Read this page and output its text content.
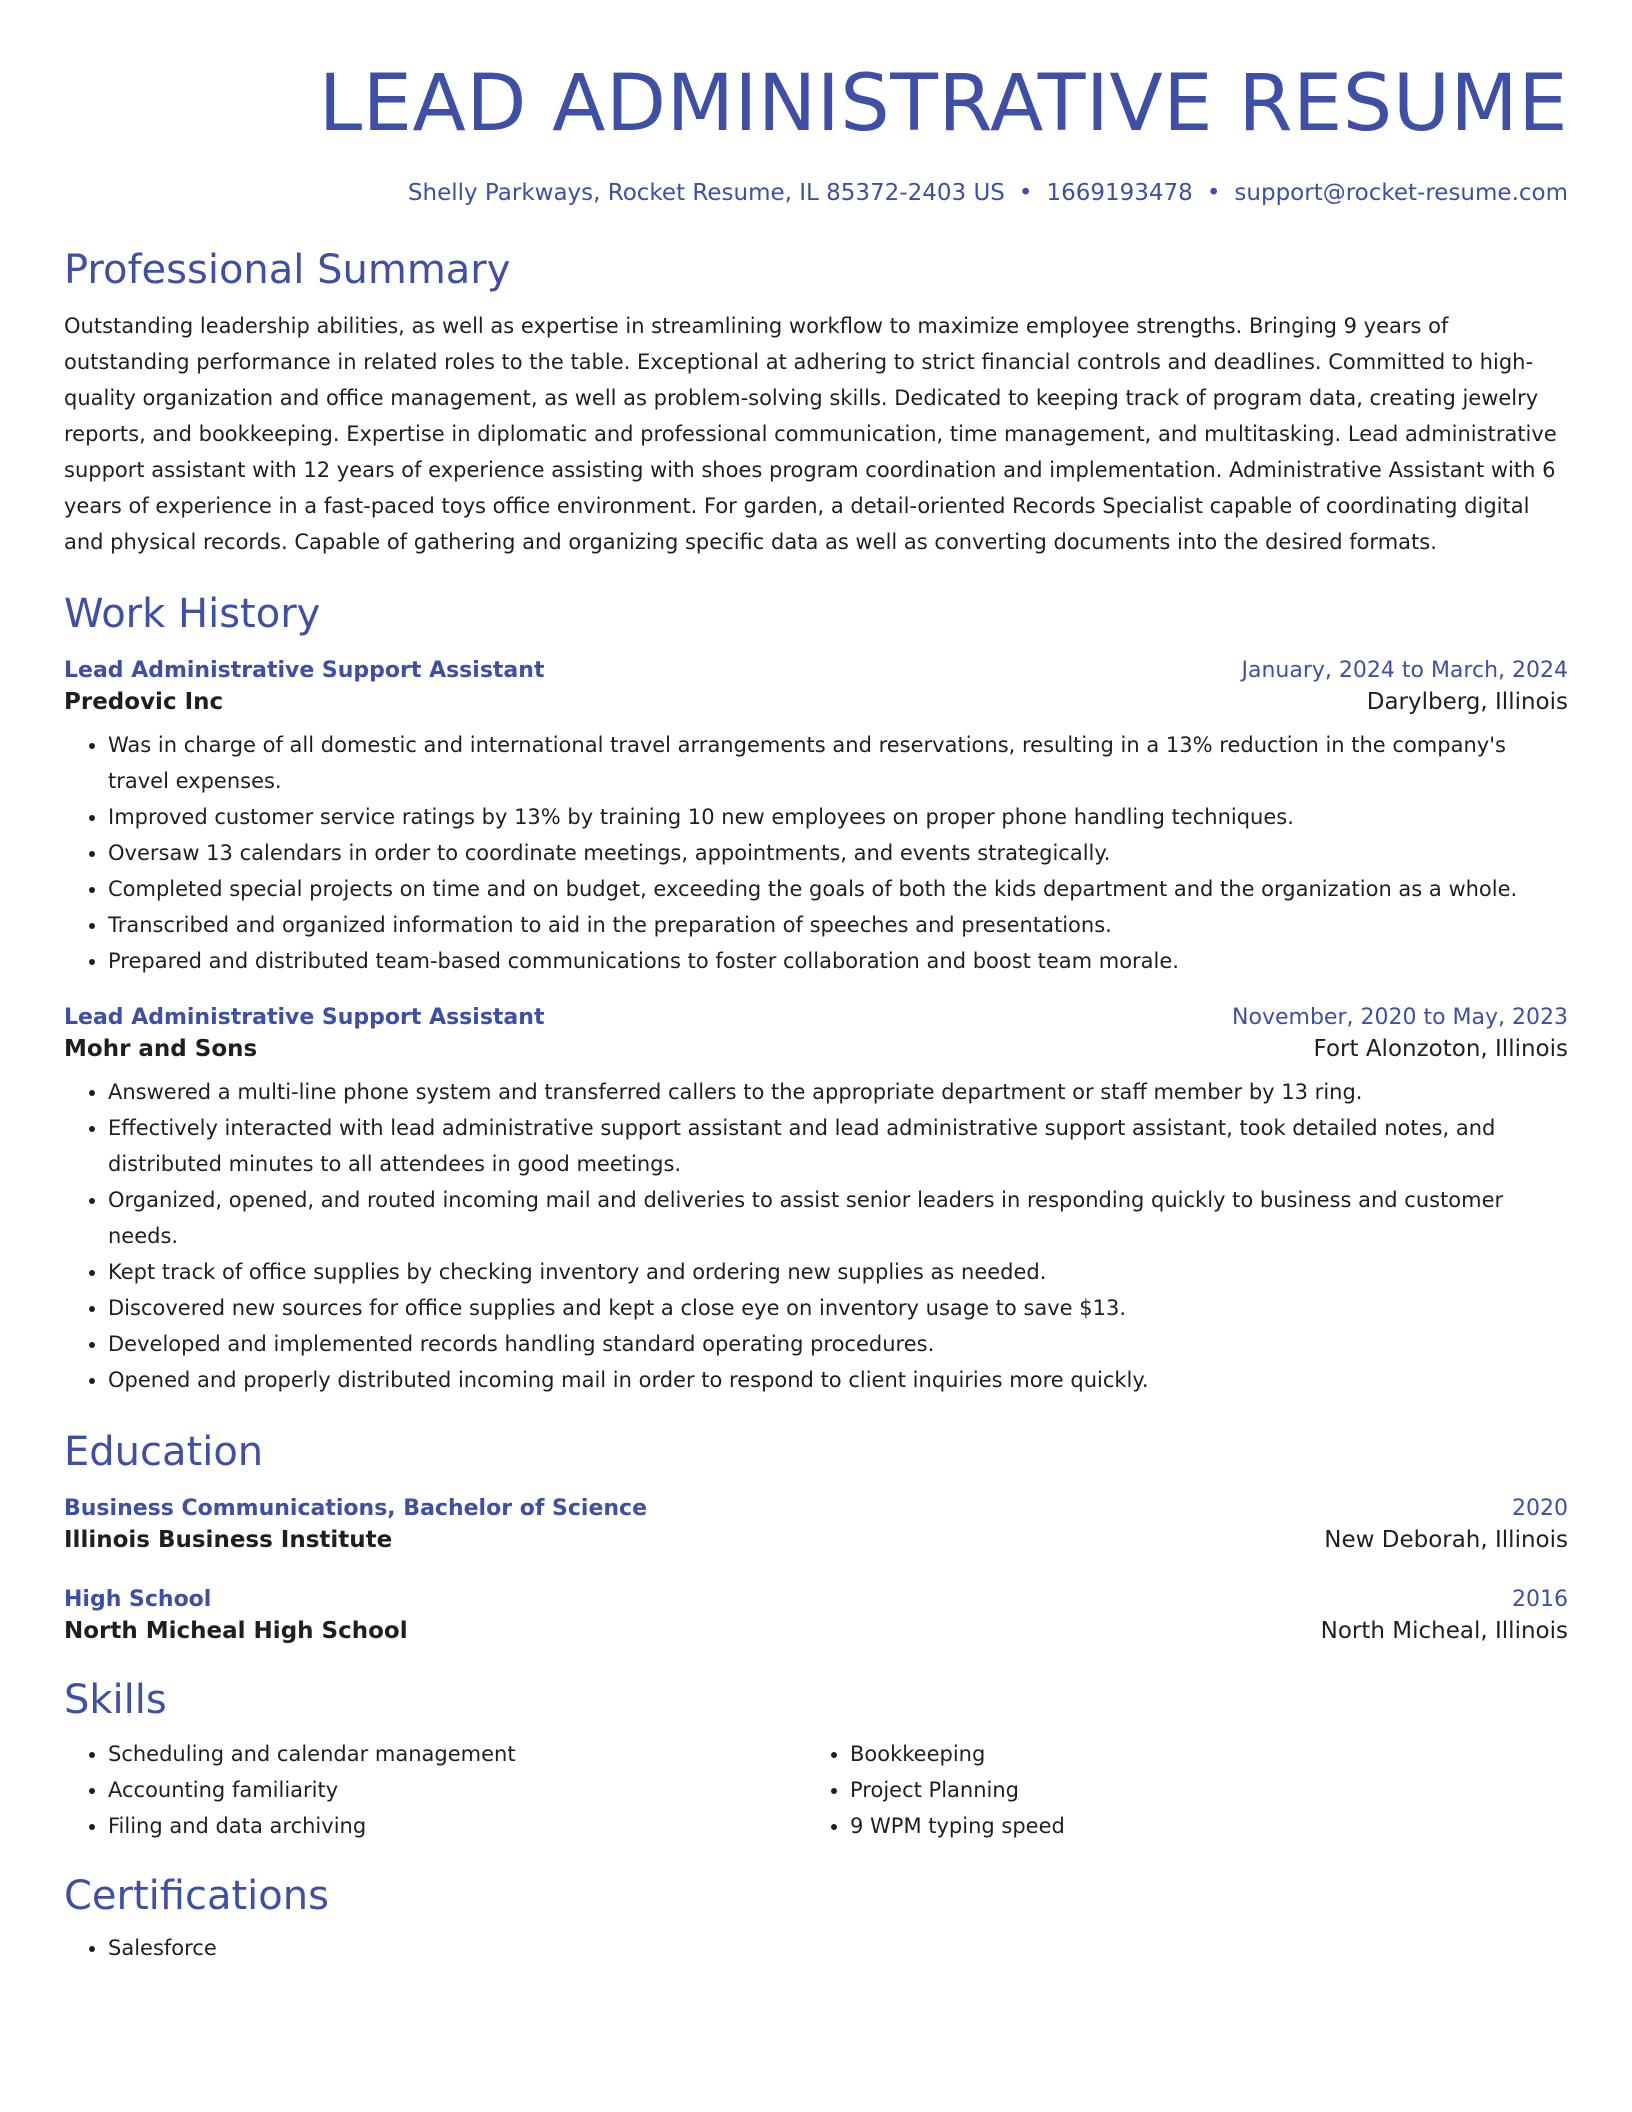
LEAD ADMINISTRATIVE RESUME
Shelly Parkways, Rocket Resume, IL 85372-2403 US • 1669193478 • support@rocket-resume.com
Professional Summary

Outstanding leadership abilities, as well as expertise in streamlining workflow to maximize employee strengths. Bringing 9 years of outstanding performance in related roles to the table. Exceptional at adhering to strict financial controls and deadlines. Committed to high-quality organization and office management, as well as problem-solving skills. Dedicated to keeping track of program data, creating jewelry reports, and bookkeeping. Expertise in diplomatic and professional communication, time management, and multitasking. Lead administrative support assistant with 12 years of experience assisting with shoes program coordination and implementation. Administrative Assistant with 6 years of experience in a fast-paced toys office environment. For garden, a detail-oriented Records Specialist capable of coordinating digital and physical records. Capable of gathering and organizing specific data as well as converting documents into the desired formats.

Work History
Lead Administrative Support Assistant	January, 2024 to March, 2024
Predovic Inc	Darylberg, Illinois
• Was in charge of all domestic and international travel arrangements and reservations, resulting in a 13% reduction in the company's travel expenses.
• Improved customer service ratings by 13% by training 10 new employees on proper phone handling techniques.
• Oversaw 13 calendars in order to coordinate meetings, appointments, and events strategically.
• Completed special projects on time and on budget, exceeding the goals of both the kids department and the organization as a whole.
• Transcribed and organized information to aid in the preparation of speeches and presentations.
• Prepared and distributed team-based communications to foster collaboration and boost team morale.
Lead Administrative Support Assistant	November, 2020 to May, 2023
Mohr and Sons	Fort Alonzoton, Illinois
• Answered a multi-line phone system and transferred callers to the appropriate department or staff member by 13 ring.
• Effectively interacted with lead administrative support assistant and lead administrative support assistant, took detailed notes, and distributed minutes to all attendees in good meetings.
• Organized, opened, and routed incoming mail and deliveries to assist senior leaders in responding quickly to business and customer needs.
• Kept track of office supplies by checking inventory and ordering new supplies as needed.
• Discovered new sources for office supplies and kept a close eye on inventory usage to save $13.
• Developed and implemented records handling standard operating procedures.
• Opened and properly distributed incoming mail in order to respond to client inquiries more quickly.
Education
Business Communications, Bachelor of Science	2020
Illinois Business Institute	New Deborah, Illinois
High School	2016
North Micheal High School	North Micheal, Illinois
Skills
• Scheduling and calendar management
• Accounting familiarity
• Filing and data archiving
• Bookkeeping
• Project Planning
• 9 WPM typing speed
Certifications
• Salesforce
